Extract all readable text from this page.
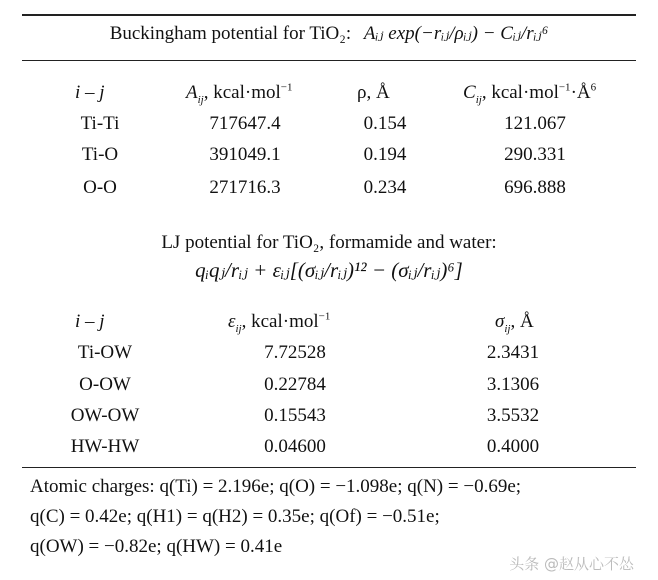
Buckingham potential for TiO₂: Aᵢⱼ exp(−rᵢⱼ/ρᵢⱼ) − Cᵢⱼ/rᵢⱼ⁶
i – j	$A_{ij}$, kcal·mol$^{-1}$	ρ, Å	$C_{ij}$, $kcal\cdot mol^{-1}\cdot Å^6$
Ti-Ti	717647.4	0.154	121.067
Ti-O	391049.1	0.194	290.331
O-O	271716.3	0.234	696.888
LJ potential for TiO₂, formamide and water:
qᵢqⱼ/rᵢⱼ + εᵢⱼ[(σᵢⱼ/rᵢⱼ)¹² − (σᵢⱼ/rᵢⱼ)⁶]
i – j	$\varepsilon_{ij}$, kcal·mol$^{-1}$	$\sigma_{ij}$, Å
Ti-OW	7.72528	2.3431
O-OW	0.22784	3.1306
OW-OW	0.15543	3.5532
HW-HW	0.04600	0.4000
Atomic charges: q(Ti) = 2.196e; q(O) = −1.098e; q(N) = −0.69e;
q(C) = 0.42e; q(H1) = q(H2) = 0.35e; q(Of) = −0.51e;
q(OW) = −0.82e; q(HW) = 0.41e
头条 @赵从心不怂
